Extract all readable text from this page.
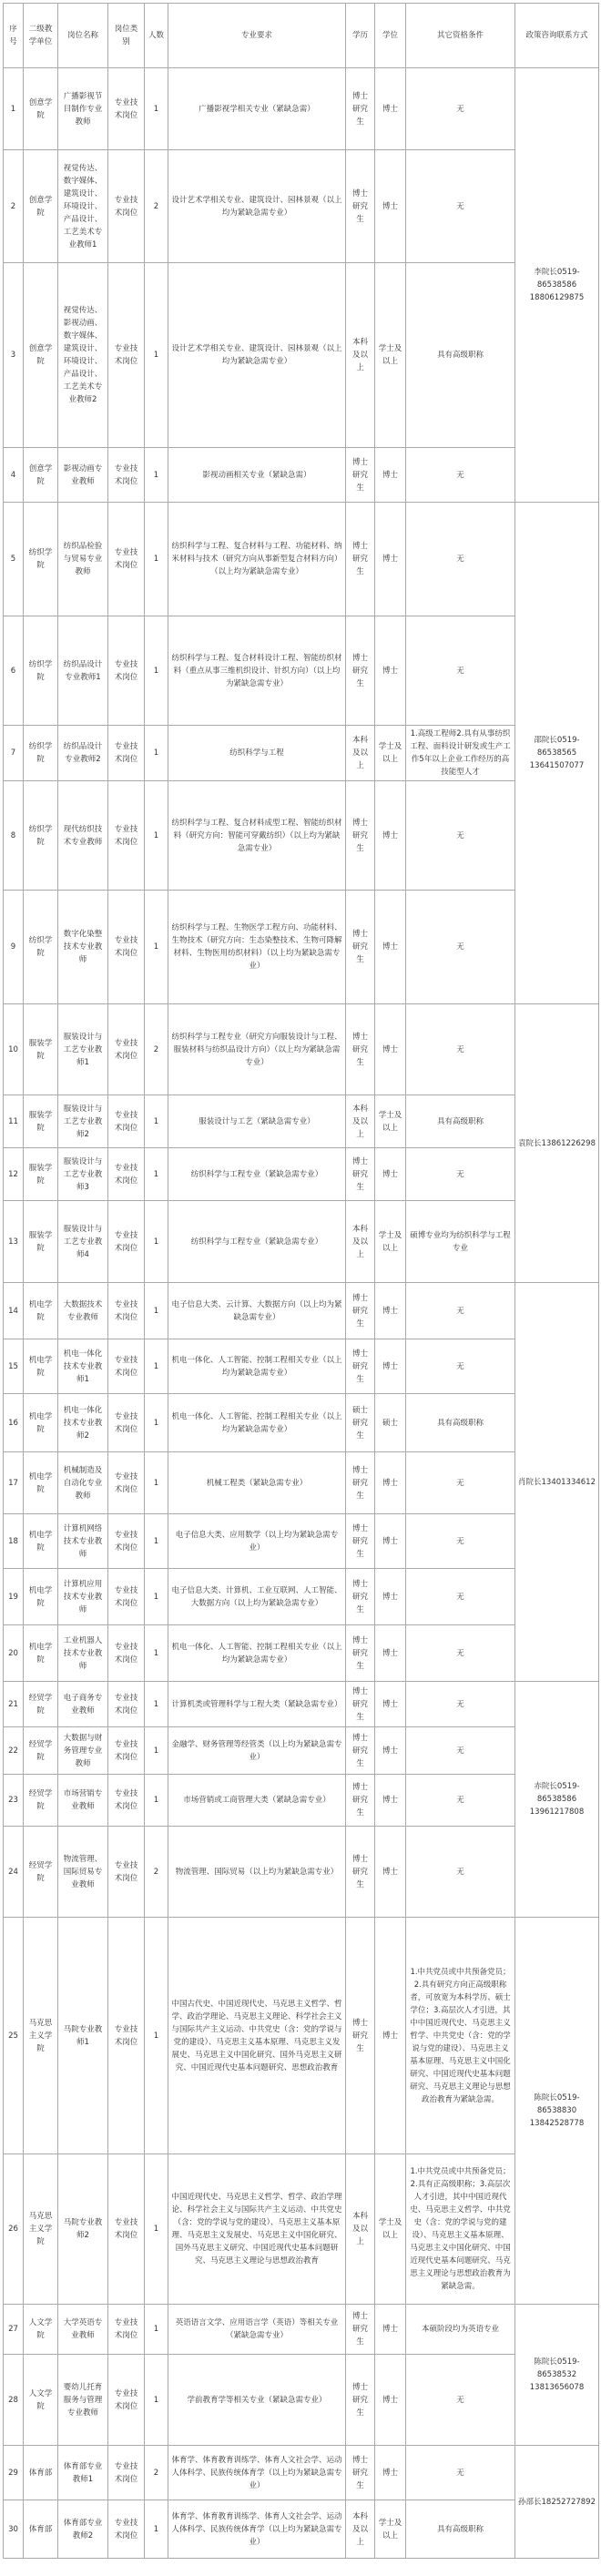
序号	二级教学单位	岗位名称	岗位类别	人数	专业要求	学历	学位	其它资格条件	政策咨询联系方式
1	创意学院	广播影视节目制作专业教师	专业技术岗位	1	广播影视学相关专业（紧缺急需）	博士研究生	博士	无	李院长0519-86538586 18806129875
2	创意学院	视觉传达、数字媒体、建筑设计、环境设计、产品设计、工艺美术专业教师1	专业技术岗位	2	设计艺术学相关专业、建筑设计、园林景观（以上均为紧缺急需专业）	博士研究生	博士	无	
3	创意学院	视觉传达、影视动画、数字媒体、建筑设计、环境设计、产品设计、工艺美术专业教师2	专业技术岗位	1	设计艺术学相关专业、建筑设计、园林景观（以上均为紧缺急需专业）	本科及以上	学士及以上	具有高级职称	
4	创意学院	影视动画专业教师	专业技术岗位	1	影视动画相关专业（紧缺急需）	博士研究生	博士	无	
5	纺织学院	纺织品检验与贸易专业教师	专业技术岗位	1	纺织科学与工程、复合材料与工程、功能材料、纳米材料与技术（研究方向从事新型复合材料方向）（以上均为紧缺急需专业）	博士研究生	博士	无	邵院长0519-86538565 13641507077
6	纺织学院	纺织品设计专业教师1	专业技术岗位	1	纺织科学与工程、复合材料设计工程、智能纺织材料（重点从事三维机织设计、针织方向）（以上均为紧缺急需专业）	博士研究生	博士	无	
7	纺织学院	纺织品设计专业教师2	专业技术岗位	1	纺织科学与工程	本科及以上	学士及以上	1.高级工程师2.具有从事纺织工程、面料设计研发或生产工作5年以上企业工作经历的高技能型人才	
8	纺织学院	现代纺织技术专业教师	专业技术岗位	1	纺织科学与工程、复合材料成型工程、智能纺织材料（研究方向：智能可穿戴纺织）（以上均为紧缺急需专业）	博士研究生	博士	无	
9	纺织学院	数字化染整技术专业教师	专业技术岗位	1	纺织科学与工程、生物医学工程方向、功能材料、生物技术（研究方向：生态染整技术、生物可降解材料、生物医用纺织材料）（以上均为紧缺急需专业）	博士研究生	博士	无	
10	服装学院	服装设计与工艺专业教师1	专业技术岗位	2	纺织科学与工程专业（研究方向服装设计与工程、服装材料与纺织品设计方向）（以上均为紧缺急需专业）	博士研究生	博士	无	袁院长13861226298
11	服装学院	服装设计与工艺专业教师2	专业技术岗位	1	服装设计与工艺（紧缺急需专业）	本科及以上	学士及以上	具有高级职称	
12	服装学院	服装设计与工艺专业教师3	专业技术岗位	1	纺织科学与工程专业（紧缺急需专业）	博士研究生	博士	无	
13	服装学院	服装设计与工艺专业教师4	专业技术岗位	1	纺织科学与工程专业（紧缺急需专业）	本科及以上	学士及以上	硕博专业均为纺织科学与工程专业	
14	机电学院	大数据技术专业教师	专业技术岗位	1	电子信息大类、云计算、大数据方向（以上均为紧缺急需专业）	博士研究生	博士	无	肖院长13401334612
15	机电学院	机电一体化技术专业教师1	专业技术岗位	1	机电一体化、人工智能、控制工程相关专业（以上均为紧缺急需专业）	博士研究生	博士	无	
16	机电学院	机电一体化技术专业教师2	专业技术岗位	1	机电一体化、人工智能、控制工程相关专业（以上均为紧缺急需专业）	硕士研究生	硕士	具有高级职称	
17	机电学院	机械制造及自动化专业教师	专业技术岗位	1	机械工程类（紧缺急需专业）	博士研究生	博士	无	
18	机电学院	计算机网络技术专业教师	专业技术岗位	1	电子信息大类、应用数学（以上均为紧缺急需专业）	博士研究生	博士	无	
19	机电学院	计算机应用技术专业教师	专业技术岗位	1	电子信息大类、计算机、工业互联网、人工智能、大数据方向（以上均为紧缺急需专业）	博士研究生	博士	无	
20	机电学院	工业机器人技术专业教师	专业技术岗位	1	机电一体化、人工智能、控制工程相关专业（以上均为紧缺急需专业）	博士研究生	博士	无	
21	经贸学院	电子商务专业教师	专业技术岗位	1	计算机类或管理科学与工程大类（紧缺急需专业）	博士研究生	博士	无	赤院长0519-86538586 13961217808
22	经贸学院	大数据与财务管理专业教师	专业技术岗位	1	金融学、财务管理等经管类（以上均为紧缺急需专业）	博士研究生	博士	无	
23	经贸学院	市场营销专业教师	专业技术岗位	1	市场营销或工商管理大类（紧缺急需专业）	博士研究生	博士	无	
24	经贸学院	物流管理、国际贸易专业教师	专业技术岗位	2	物流管理、国际贸易（以上均为紧缺急需专业）	博士研究生	博士	无	
25	马克思主义学院	马院专业教师1	专业技术岗位	1	中国古代史、中国近现代史、马克思主义哲学、哲学、政治学理论、马克思主义理论、科学社会主义与国际共产主义运动、中共党史（含：党的学说与党的建设）、马克思主义基本原理、马克思主义发展史、马克思主义中国化研究、国外马克思主义研究、中国近现代史基本问题研究、思想政治教育	博士研究生	博士	1.中共党员或中共预备党员；2.具有研究方向正高级职称者，可放宽为本科学历、硕士学位；3.高层次人才引进，其中中国近现代史、马克思主义哲学、中共党史（含：党的学说与党的建设）、马克思主义基本原理、马克思主义中国化研究、中国近现代史基本问题研究、马克思主义理论与思想政治教育为紧缺急需。	陈院长0519-86538830 13842528778
26	马克思主义学院	马院专业教师2	专业技术岗位	1	中国近现代史、马克思主义哲学、哲学、政治学理论、科学社会主义与国际共产主义运动、中共党史（含：党的学说与党的建设）、马克思主义基本原理、马克思主义发展史、马克思主义中国化研究、国外马克思主义研究、中国近现代史基本问题研究、马克思主义理论与思想政治教育	本科及以上	学士及以上	1.中共党员或中共预备党员；2.具有正高级职称；3.高层次人才引进，其中中国近现代史、马克思主义哲学、中共党史（含：党的学说与党的建设）、马克思主义基本原理、马克思主义中国化研究、中国近现代史基本问题研究、马克思主义理论与思想政治教育为紧缺急需。	
27	人文学院	大学英语专业教师	专业技术岗位	1	英语语言文学、应用语言学（英语）等相关专业（紧缺急需专业）	博士研究生	博士	本硕阶段均为英语专业	陈院长0519-86538532 13813656078
28	人文学院	婴幼儿托育服务与管理专业教师	专业技术岗位	1	学前教育学等相关专业（紧缺急需专业）	博士研究生	博士	无	
29	体育部	体育部专业教师1	专业技术岗位	2	体育学、体育教育训练学、体育人文社会学、运动人体科学、民族传统体育学（以上均为紧缺急需专业）	博士研究生	博士	无	孙部长18252727892
30	体育部	体育部专业教师2	专业技术岗位	1	体育学、体育教育训练学、体育人文社会学、运动人体科学、民族传统体育学（以上均为紧缺急需专业）	本科及以上	学士及以上	具有高级职称	
